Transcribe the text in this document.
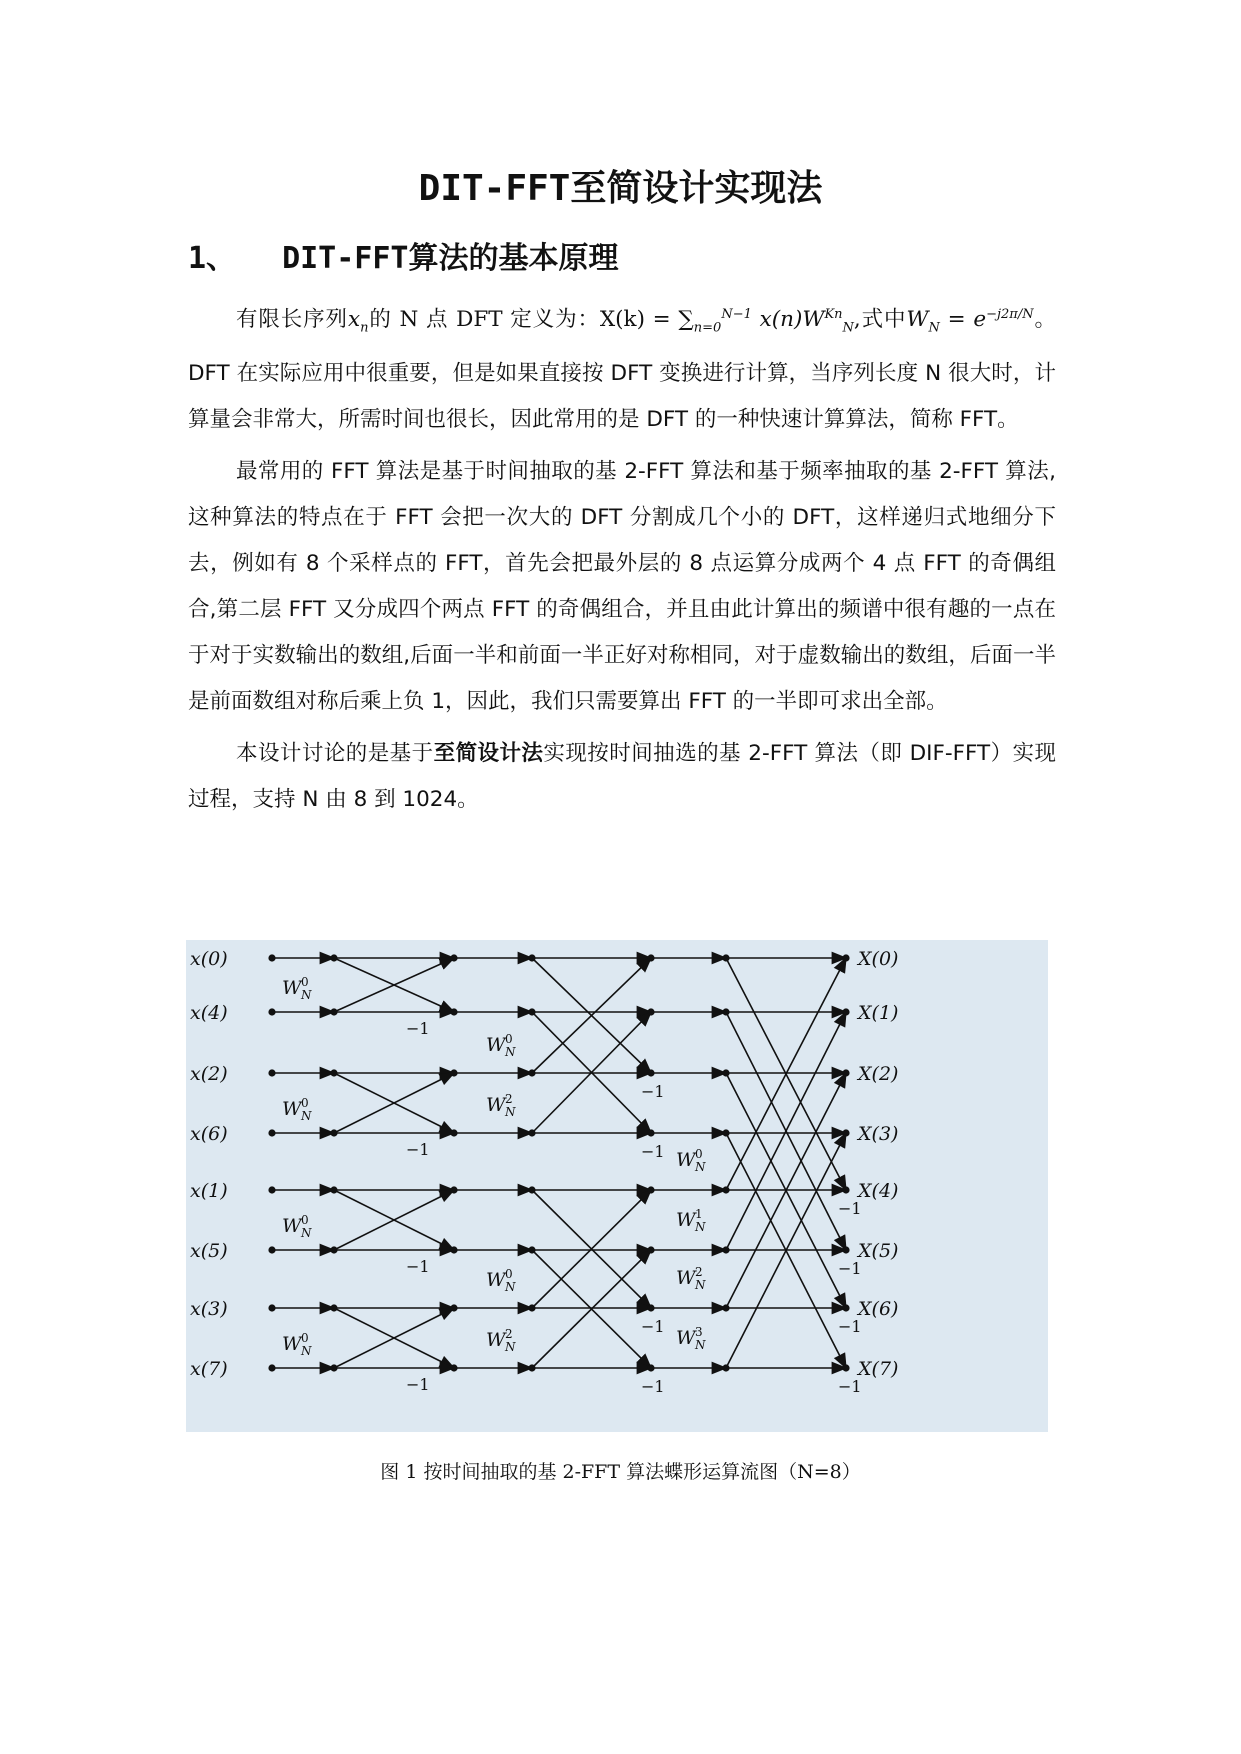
DIT-FFT至简设计实现法
1、 DIT-FFT算法的基本原理

有限长序列$x_n$的 N 点 DFT 定义为：$X(k) = \sum_{n=0}^{N-1}$ $x(n)W^{Kn}_N$,式中$W_N = e^{-j2\pi/N}$。DFT 在实际应用中很重要，但是如果直接按 DFT 变换进行计算，当序列长度 N 很大时，计算量会非常大，所需时间也很长，因此常用的是 DFT 的一种快速计算算法，简称 FFT。

最常用的 FFT 算法是基于时间抽取的基 2-FFT 算法和基于频率抽取的基 2-FFT 算法,这种算法的特点在于 FFT 会把一次大的 DFT 分割成几个小的 DFT，这样递归式地细分下去，例如有 8 个采样点的 FFT，首先会把最外层的 8 点运算分成两个 4 点 FFT 的奇偶组合,第二层 FFT 又分成四个两点 FFT 的奇偶组合，并且由此计算出的频谱中很有趣的一点在于对于实数输出的数组,后面一半和前面一半正好对称相同，对于虚数输出的数组，后面一半是前面数组对称后乘上负 1，因此，我们只需要算出 FFT 的一半即可求出全部。

本设计讨论的是基于至简设计法实现按时间抽选的基 2-FFT 算法（即 DIF-FFT）实现过程，支持 N 由 8 到 1024。

x(0)
x(4)
x(2)
x(6)
x(1)
x(5)
x(3)
x(7)
X(0)
X(1)
X(2)
X(3)
X(4)
X(5)
X(6)
X(7)
W 0
N
W 0
N
W 0
N
W 0
N
W 0
N
W 2
N
W 0
N
W 2
N
W 0
N
W 1
N
W 2
N
W 3
N
−1
−1
−1
−1
−1
−1
−1
−1
−1
−1
−1
−1
图 1 按时间抽取的基 2-FFT 算法蝶形运算流图（N=8）
